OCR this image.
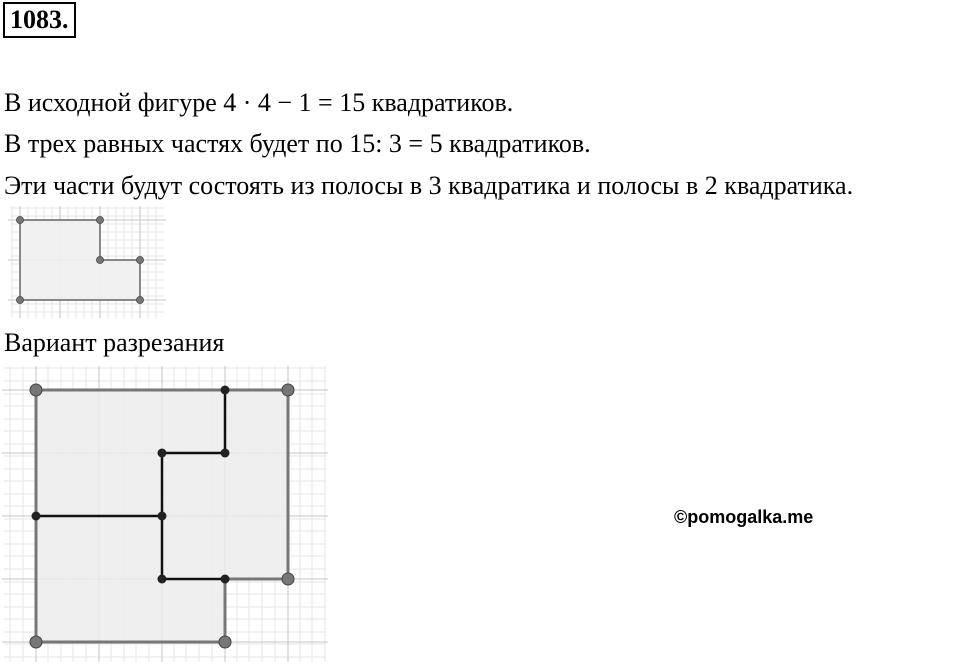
1083.
В исходной фигуре 4 · 4 − 1 = 15 квадратиков.
В трех равных частях будет по 15: 3 = 5 квадратиков.
Эти части будут состоять из полосы в 3 квадратика и полосы в 2 квадратика.
Вариант разрезания
©pomogalka.me
